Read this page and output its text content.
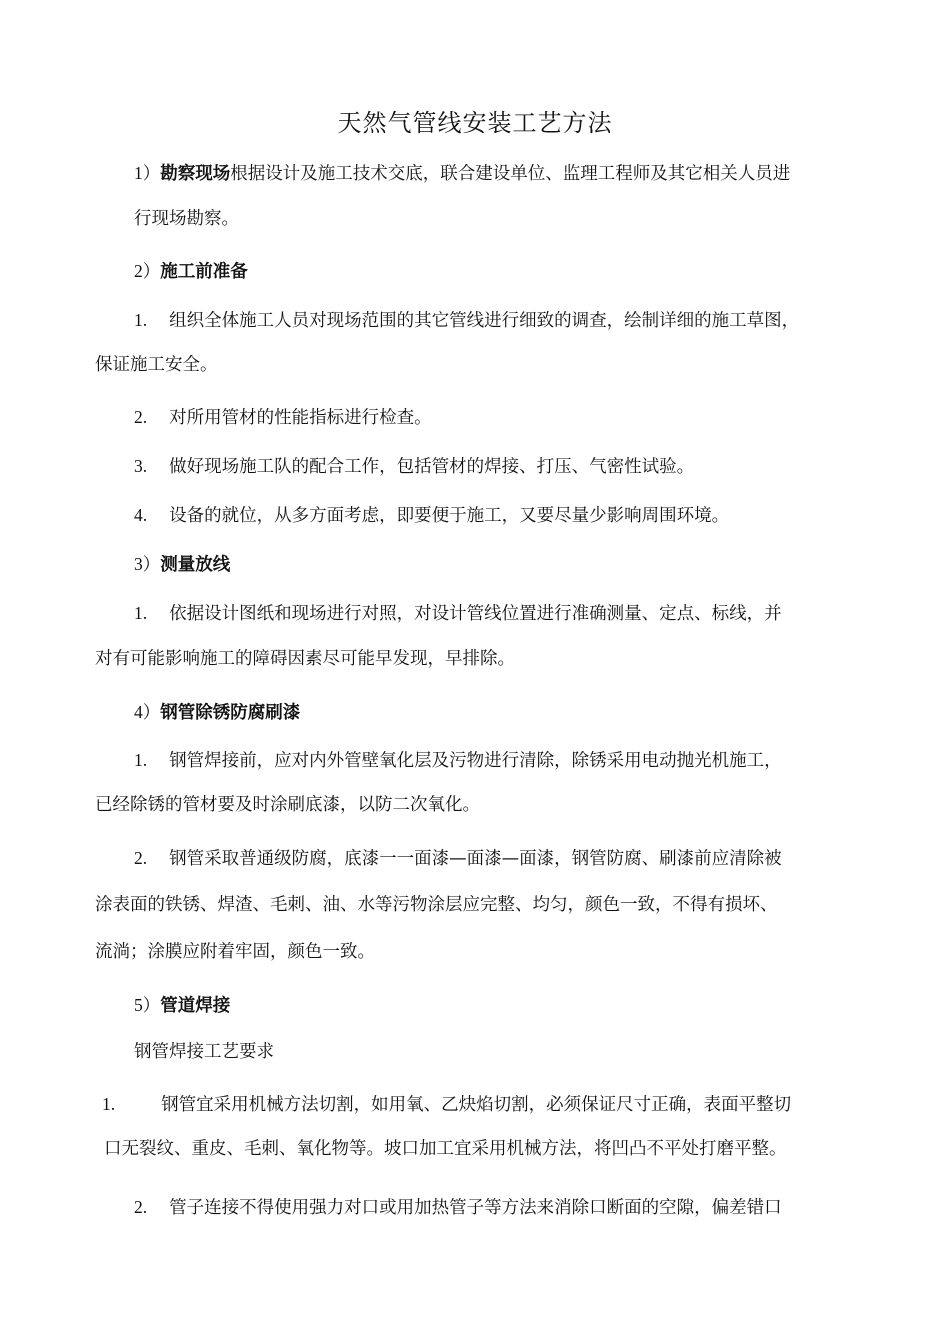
天然气管线安装工艺方法
1）勘察现场根据设计及施工技术交底，联合建设单位、监理工程师及其它相关人员进
行现场勘察。
2）施工前准备
1. 组织全体施工人员对现场范围的其它管线进行细致的调查，绘制详细的施工草图，
保证施工安全。
2. 对所用管材的性能指标进行检查。
3. 做好现场施工队的配合工作，包括管材的焊接、打压、气密性试验。
4. 设备的就位，从多方面考虑，即要便于施工，又要尽量少影响周围环境。
3）测量放线
1. 依据设计图纸和现场进行对照，对设计管线位置进行准确测量、定点、标线，并
对有可能影响施工的障碍因素尽可能早发现，早排除。
4）钢管除锈防腐刷漆
1. 钢管焊接前，应对内外管壁氧化层及污物进行清除，除锈采用电动抛光机施工，
已经除锈的管材要及时涂刷底漆，以防二次氧化。
2. 钢管采取普通级防腐，底漆一一面漆—面漆—面漆，钢管防腐、刷漆前应清除被
涂表面的铁锈、焊渣、毛刺、油、水等污物涂层应完整、均匀，颜色一致，不得有损坏、
流淌；涂膜应附着牢固，颜色一致。
5）管道焊接
钢管焊接工艺要求
1.	钢管宜采用机械方法切割，如用氧、乙炔焰切割，必须保证尺寸正确，表面平整切
口无裂纹、重皮、毛刺、氧化物等。坡口加工宜采用机械方法，将凹凸不平处打磨平整。
2. 管子连接不得使用强力对口或用加热管子等方法来消除口断面的空隙，偏差错口
